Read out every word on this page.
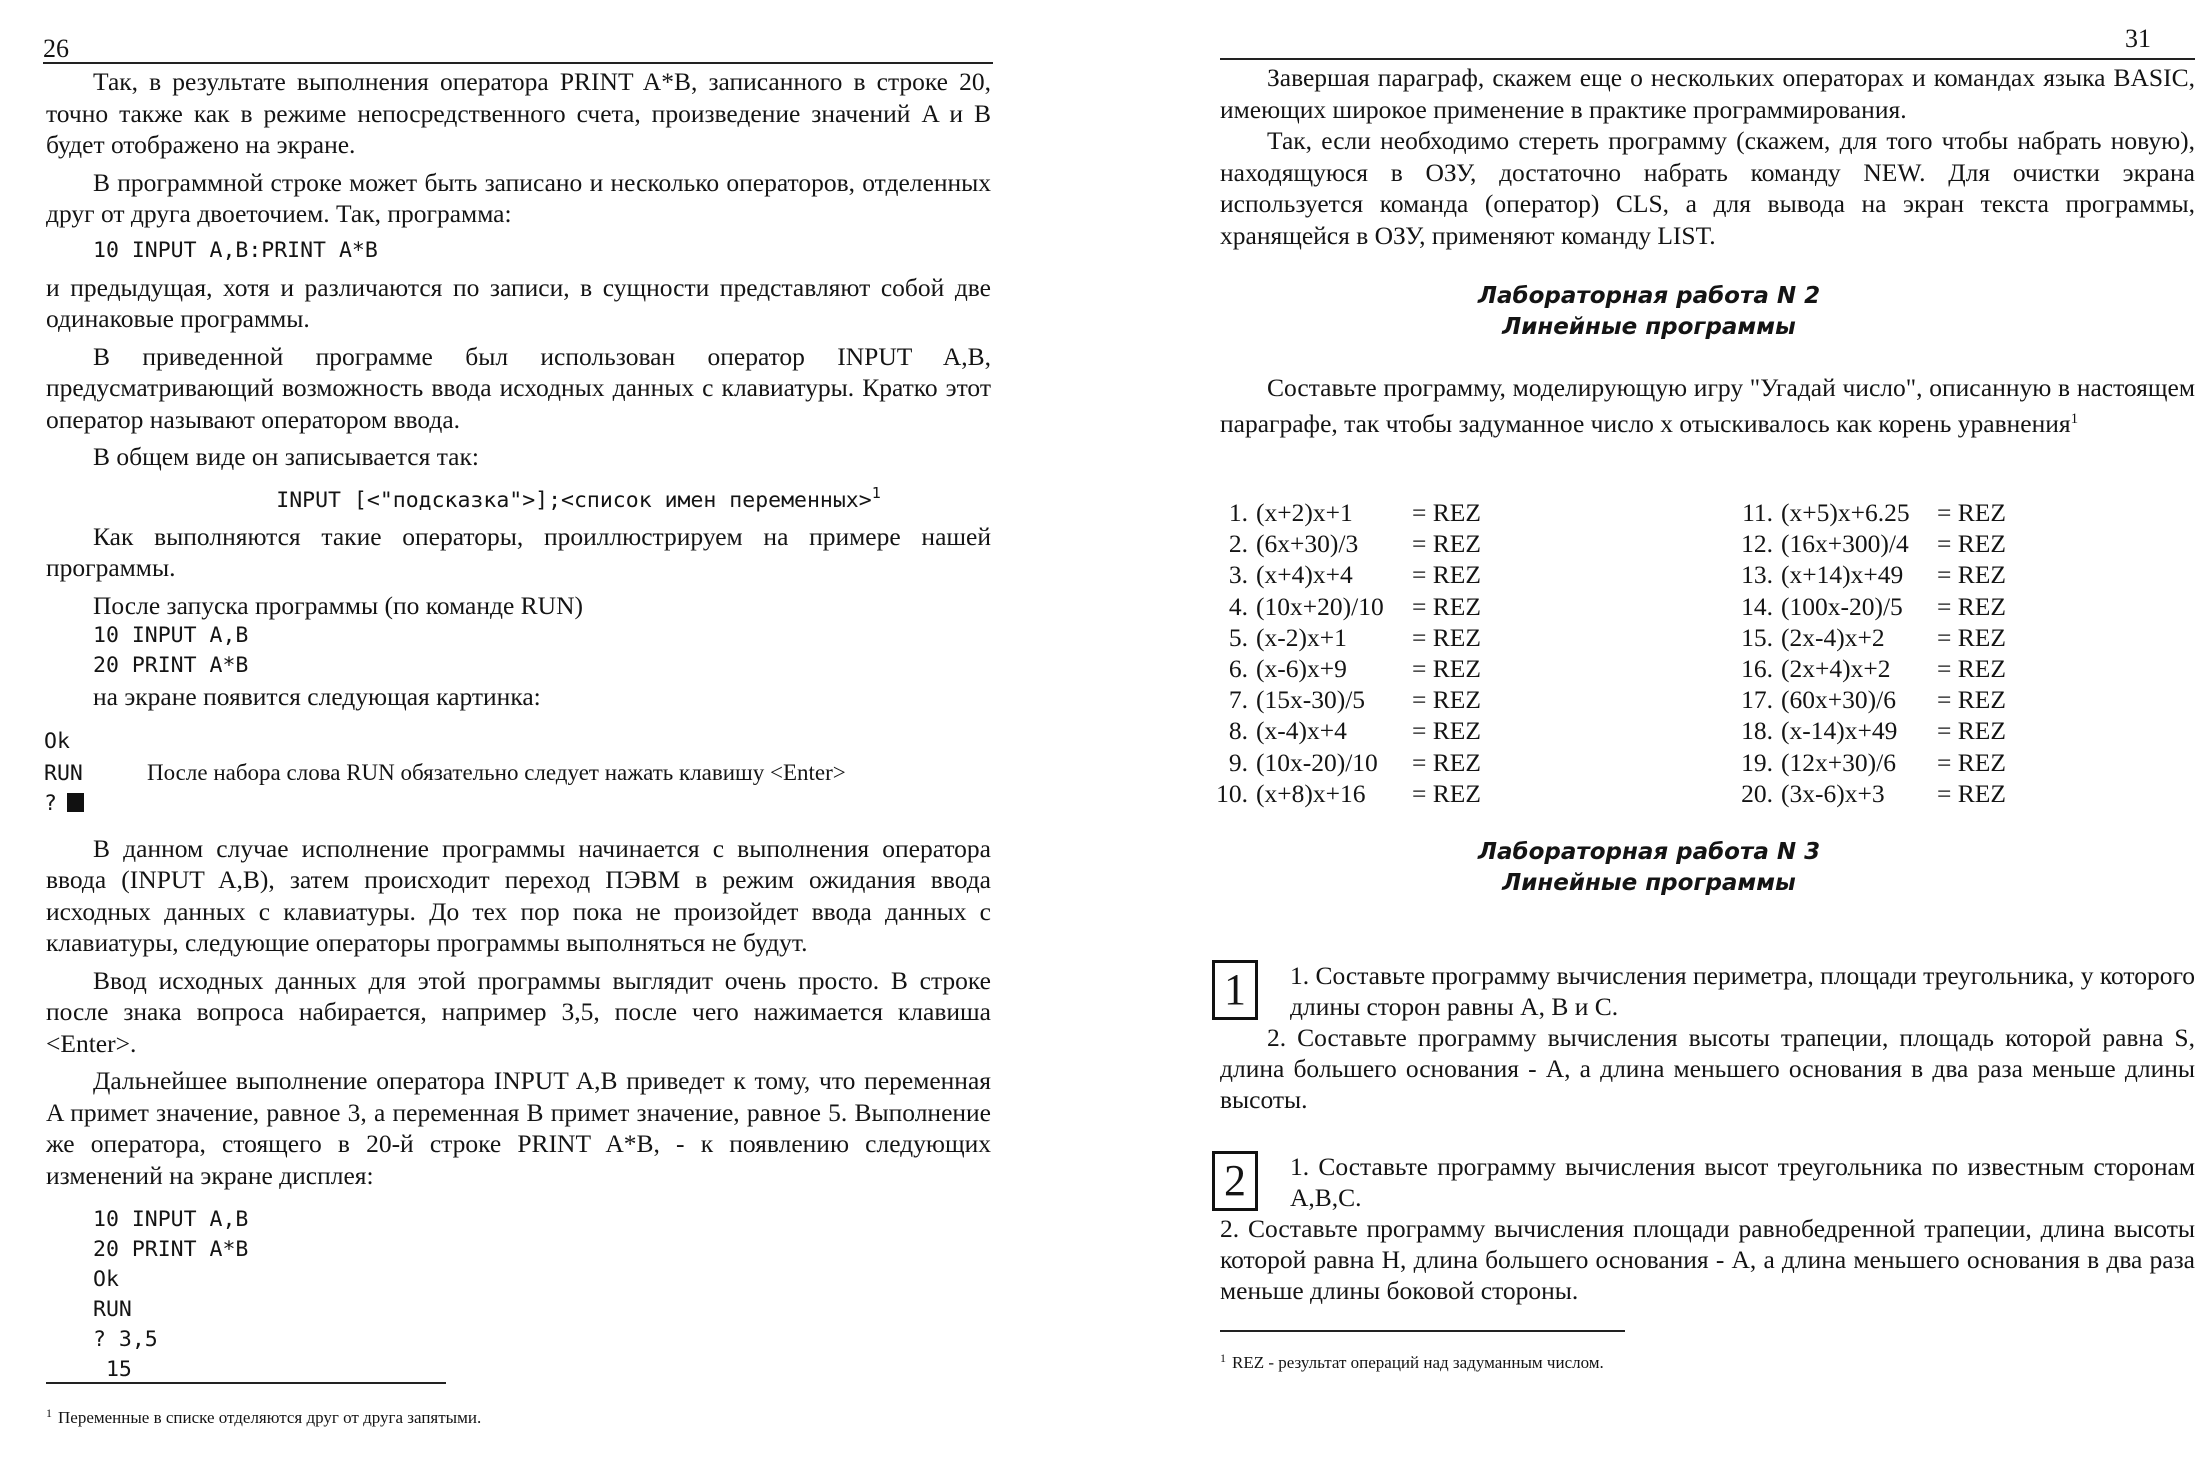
26

Так, в результате выполнения оператора PRINT A*B, записанного в строке 20, точно также как в режиме непосредственного счета, произведение значений A и B будет отображено на экране.

В программной строке может быть записано и несколько операторов, отделенных друг от друга двоеточием. Так, программа:

10 INPUT A,B:PRINT A*B

и предыдущая, хотя и различаются по записи, в сущности представляют собой две одинаковые программы.

В приведенной программе был использован оператор INPUT A,B, предусматривающий возможность ввода исходных данных с клавиатуры. Кратко этот оператор называют оператором ввода.

В общем виде он записывается так:

INPUT [<"подсказка">];<список имен переменных>$^1$

Как выполняются такие операторы, проиллюстрируем на примере нашей программы.

После запуска программы (по команде RUN)

10 INPUT A,B
20 PRINT A*B

на экране появится следующая картинка:

Ok
RUN	После набора слова RUN обязательно следует нажать клавишу <Enter>
?

В данном случае исполнение программы начинается с выполнения оператора ввода (INPUT A,B), затем происходит переход ПЭВМ в режим ожидания ввода исходных данных с клавиатуры. До тех пор пока не произойдет ввода данных с клавиатуры, следующие операторы программы выполняться не будут.

Ввод исходных данных для этой программы выглядит очень просто. В строке после знака вопроса набирается, например 3,5, после чего нажимается клавиша <Enter>.

Дальнейшее выполнение оператора INPUT A,B приведет к тому, что переменная A примет значение, равное 3, а переменная B примет значение, равное 5. Выполнение же оператора, стоящего в 20-й строке PRINT A*B, - к появлению следующих изменений на экране дисплея:

10 INPUT A,B
20 PRINT A*B
Ok
RUN
? 3,5
15
$^1$ Переменные в списке отделяются друг от друга запятыми.
31

Завершая параграф, скажем еще о нескольких операторах и командах языка BASIC, имеющих широкое применение в практике программирования.

Так, если необходимо стереть программу (скажем, для того чтобы набрать новую), находящуюся в ОЗУ, достаточно набрать команду NEW. Для очистки экрана используется команда (оператор) CLS, а для вывода на экран текста программы, хранящейся в ОЗУ, применяют команду LIST.

Лабораторная работа N 2
Линейные программы

Составьте программу, моделирующую игру "Угадай число", описанную в настоящем параграфе, так чтобы задуманное число x отыскивалось как корень уравнения$^1$

1. (x+2)x+1	= REZ
2. (6x+30)/3	= REZ
3. (x+4)x+4	= REZ
4. (10x+20)/10	= REZ
5. (x-2)x+1	= REZ
6. (x-6)x+9	= REZ
7. (15x-30)/5	= REZ
8. (x-4)x+4	= REZ
9. (10x-20)/10	= REZ
10. (x+8)x+16	= REZ
11. (x+5)x+6.25	= REZ
12. (16x+300)/4	= REZ
13. (x+14)x+49	= REZ
14. (100x-20)/5	= REZ
15. (2x-4)x+2	= REZ
16. (2x+4)x+2	= REZ
17. (60x+30)/6	= REZ
18. (x-14)x+49	= REZ
19. (12x+30)/6	= REZ
20. (3x-6)x+3	= REZ
Лабораторная работа N 3
Линейные программы
1	1. Составьте программу вычисления периметра, площади треугольника, у которого длины сторон равны A, B и C.

2. Составьте программу вычисления высоты трапеции, площадь которой равна S, длина большего основания - A, а длина меньшего основания в два раза меньше длины высоты.

2	1. Составьте программу вычисления высот треугольника по известным сторонам A,B,C.

2. Составьте программу вычисления площади равнобедренной трапеции, длина высоты которой равна H, длина большего основания - A, а длина меньшего основания в два раза меньше длины боковой стороны.

$^1$ REZ - результат операций над задуманным числом.
